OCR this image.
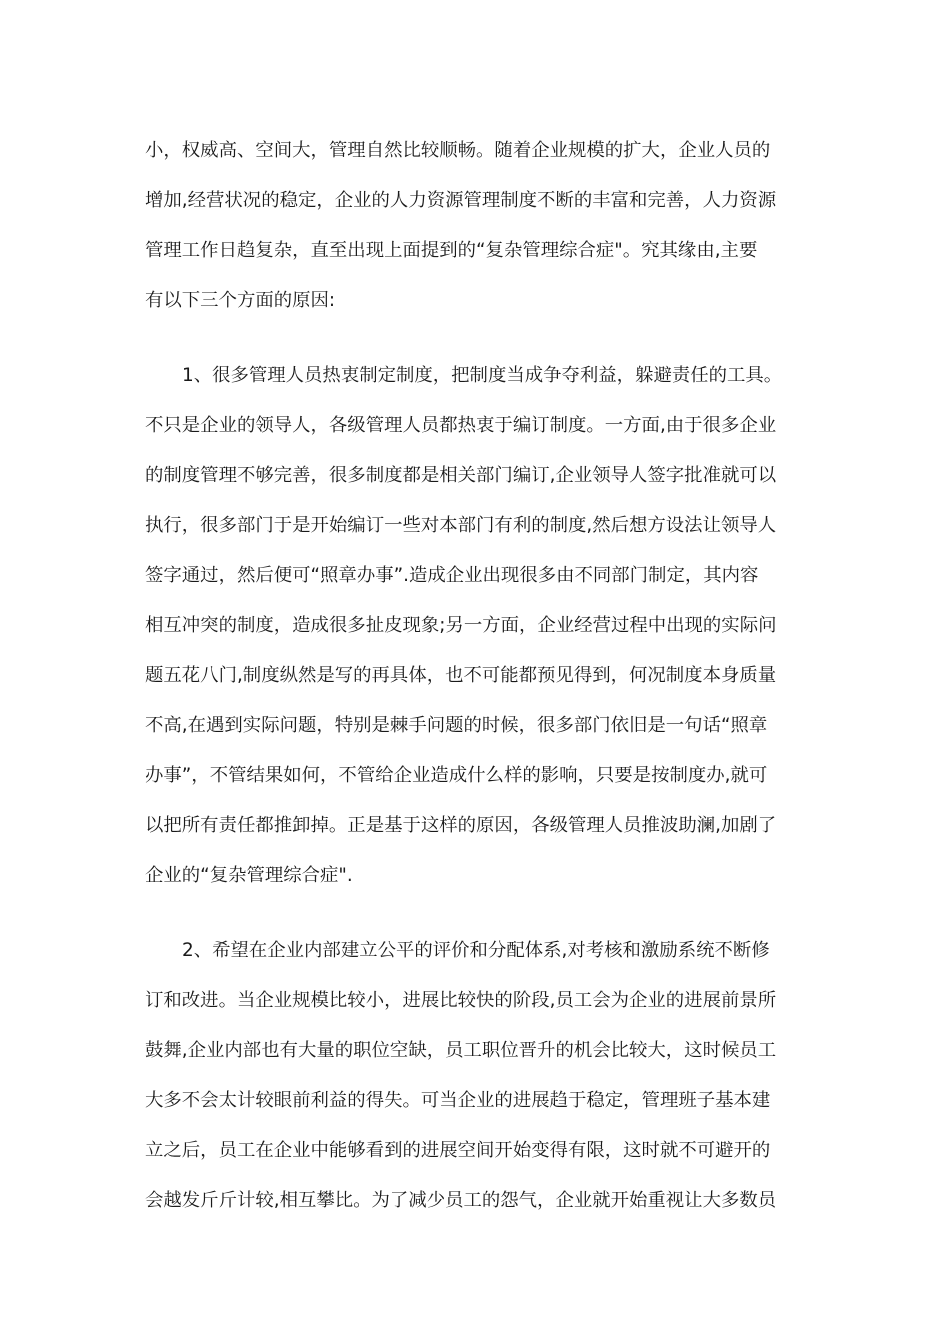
小，权威高、空间大，管理自然比较顺畅。随着企业规模的扩大，企业人员的
增加,经营状况的稳定，企业的人力资源管理制度不断的丰富和完善，人力资源
管理工作日趋复杂，直至出现上面提到的“复杂管理综合症"。究其缘由,主要
有以下三个方面的原因:

1、很多管理人员热衷制定制度，把制度当成争夺利益，躲避责任的工具。
不只是企业的领导人，各级管理人员都热衷于编订制度。一方面,由于很多企业
的制度管理不够完善，很多制度都是相关部门编订,企业领导人签字批准就可以
执行，很多部门于是开始编订一些对本部门有利的制度,然后想方设法让领导人
签字通过，然后便可“照章办事”.造成企业出现很多由不同部门制定，其内容
相互冲突的制度，造成很多扯皮现象;另一方面，企业经营过程中出现的实际问
题五花八门,制度纵然是写的再具体，也不可能都预见得到，何况制度本身质量
不高,在遇到实际问题，特别是棘手问题的时候，很多部门依旧是一句话“照章
办事”，不管结果如何，不管给企业造成什么样的影响，只要是按制度办,就可
以把所有责任都推卸掉。正是基于这样的原因，各级管理人员推波助澜,加剧了
企业的“复杂管理综合症".

2、希望在企业内部建立公平的评价和分配体系,对考核和激励系统不断修
订和改进。当企业规模比较小，进展比较快的阶段,员工会为企业的进展前景所
鼓舞,企业内部也有大量的职位空缺，员工职位晋升的机会比较大，这时候员工
大多不会太计较眼前利益的得失。可当企业的进展趋于稳定，管理班子基本建
立之后，员工在企业中能够看到的进展空间开始变得有限，这时就不可避开的
会越发斤斤计较,相互攀比。为了减少员工的怨气，企业就开始重视让大多数员
